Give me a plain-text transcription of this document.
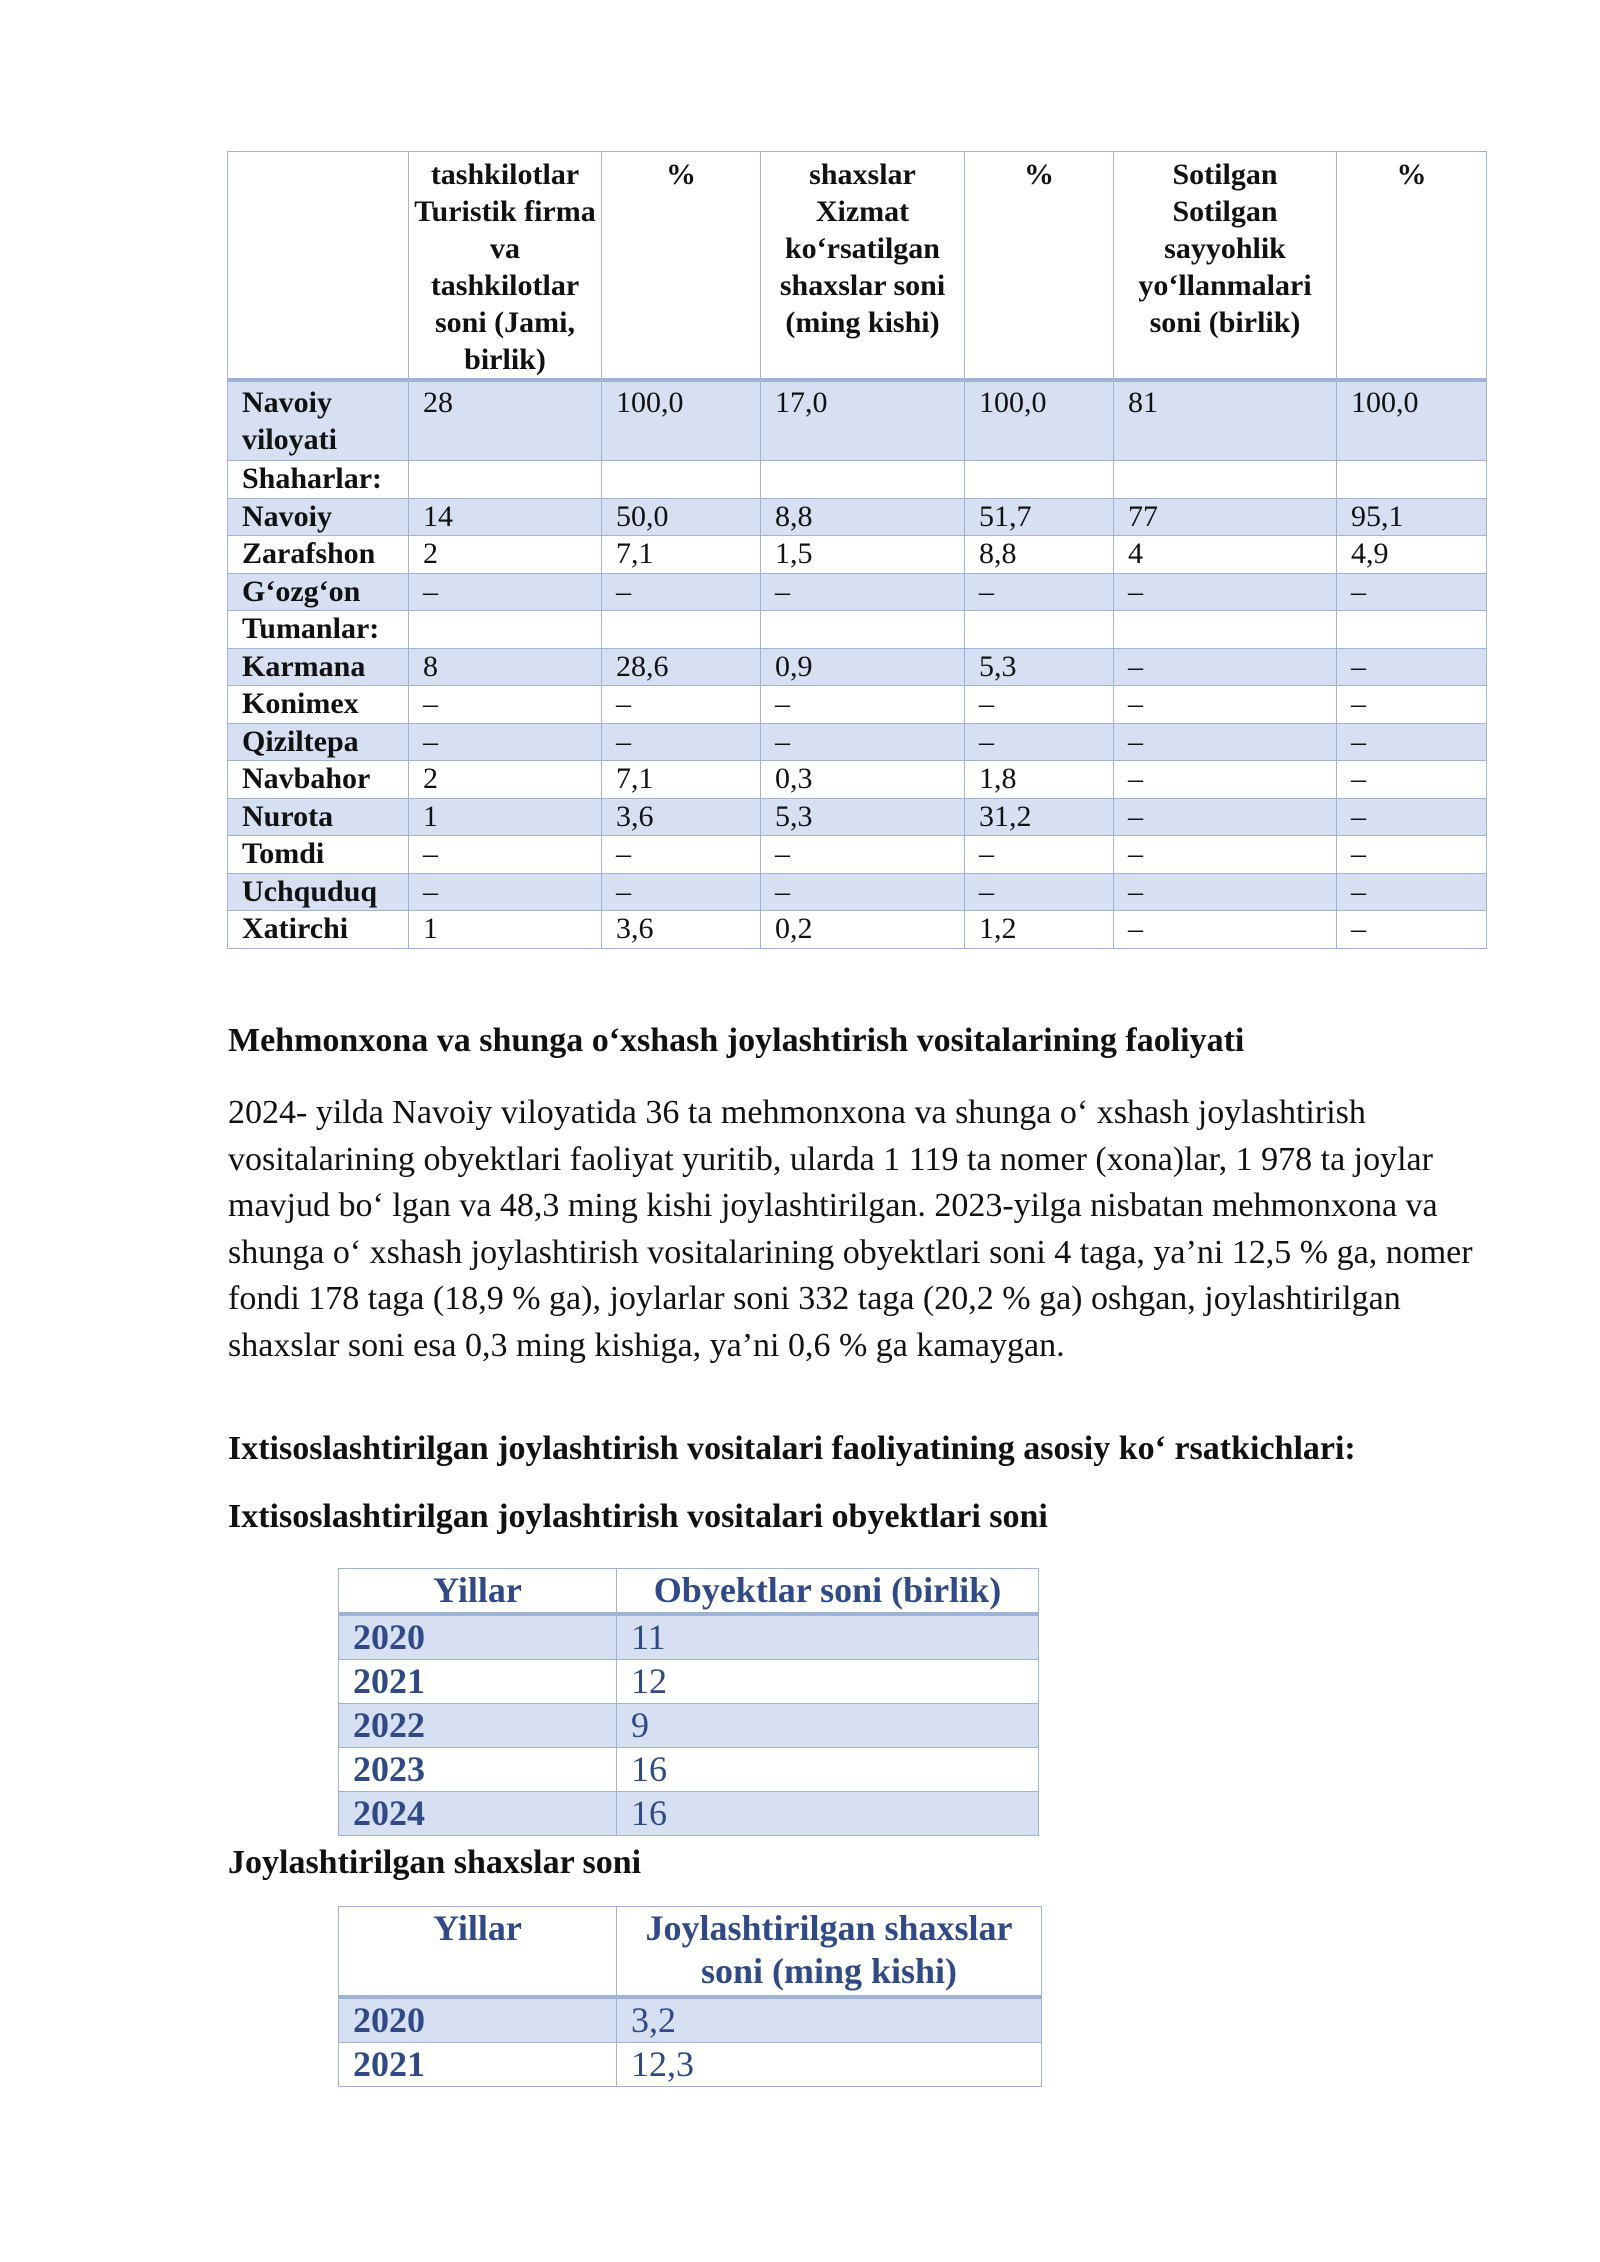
	tashkilotlar Turistik firma va tashkilotlar soni (Jami, birlik)	%	shaxslar Xizmat ko‘rsatilgan shaxslar soni (ming kishi)	%	Sotilgan Sotilgan sayyohlik yo‘llanmalari soni (birlik)	%
Navoiy viloyati	28	100,0	17,0	100,0	81	100,0
Shaharlar:						
Navoiy	14	50,0	8,8	51,7	77	95,1
Zarafshon	2	7,1	1,5	8,8	4	4,9
G‘ozg‘on	–	–	–	–	–	–
Tumanlar:						
Karmana	8	28,6	0,9	5,3	–	–
Konimex	–	–	–	–	–	–
Qiziltepa	–	–	–	–	–	–
Navbahor	2	7,1	0,3	1,8	–	–
Nurota	1	3,6	5,3	31,2	–	–
Tomdi	–	–	–	–	–	–
Uchquduq	–	–	–	–	–	–
Xatirchi	1	3,6	0,2	1,2	–	–
Mehmonxona va shunga o‘xshash joylashtirish vositalarining faoliyati

2024- yilda Navoiy viloyatida 36 ta mehmonxona va shunga o‘ xshash joylashtirish vositalarining obyektlari faoliyat yuritib, ularda 1 119 ta nomer (xona)lar, 1 978 ta joylar mavjud bo‘ lgan va 48,3 ming kishi joylashtirilgan. 2023-yilga nisbatan mehmonxona va shunga o‘ xshash joylashtirish vositalarining obyektlari soni 4 taga, ya’ni 12,5 % ga, nomer fondi 178 taga (18,9 % ga), joylarlar soni 332 taga (20,2 % ga) oshgan, joylashtirilgan shaxslar soni esa 0,3 ming kishiga, ya’ni 0,6 % ga kamaygan.

Ixtisoslashtirilgan joylashtirish vositalari faoliyatining asosiy ko‘ rsatkichlari:
Ixtisoslashtirilgan joylashtirish vositalari obyektlari soni
Yillar	Obyektlar soni (birlik)
2020	11
2021	12
2022	9
2023	16
2024	16
Joylashtirilgan shaxslar soni
Yillar	Joylashtirilgan shaxslar soni (ming kishi)
2020	3,2
2021	12,3
